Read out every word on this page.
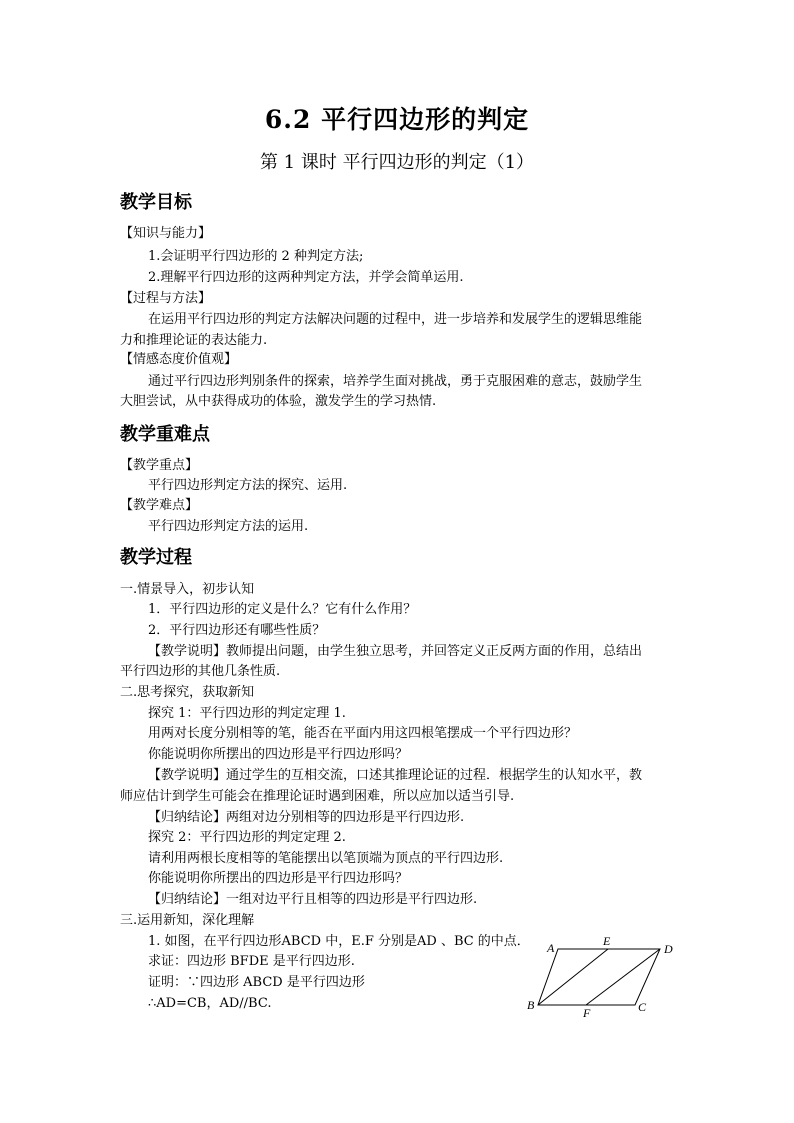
6.2 平行四边形的判定
第 1 课时 平行四边形的判定（1）
教学目标
【知识与能力】
1.会证明平行四边形的 2 种判定方法;
2.理解平行四边形的这两种判定方法，并学会简单运用.
【过程与方法】
在运用平行四边形的判定方法解决问题的过程中，进一步培养和发展学生的逻辑思维能
力和推理论证的表达能力.
【情感态度价值观】
通过平行四边形判别条件的探索，培养学生面对挑战，勇于克服困难的意志，鼓励学生
大胆尝试，从中获得成功的体验，激发学生的学习热情.
教学重难点
【教学重点】
平行四边形判定方法的探究、运用.
【教学难点】
平行四边形判定方法的运用.
教学过程
一.情景导入，初步认知
1．平行四边形的定义是什么？它有什么作用？
2．平行四边形还有哪些性质？
【教学说明】教师提出问题，由学生独立思考，并回答定义正反两方面的作用，总结出
平行四边形的其他几条性质.
二.思考探究，获取新知
探究 1：平行四边形的判定定理 1.
用两对长度分别相等的笔，能否在平面内用这四根笔摆成一个平行四边形？
你能说明你所摆出的四边形是平行四边形吗？
【教学说明】通过学生的互相交流，口述其推理论证的过程．根据学生的认知水平，教
师应估计到学生可能会在推理论证时遇到困难，所以应加以适当引导.
【归纳结论】两组对边分别相等的四边形是平行四边形.
探究 2：平行四边形的判定定理 2.
请利用两根长度相等的笔能摆出以笔顶端为顶点的平行四边形.
你能说明你所摆出的四边形是平行四边形吗？
【归纳结论】一组对边平行且相等的四边形是平行四边形.
三.运用新知，深化理解
1. 如图，在平行四边形ABCD 中，E.F 分别是AD 、BC 的中点．
求证：四边形 BFDE 是平行四边形.
证明：∵四边形 ABCD 是平行四边形
∴AD=CB，AD//BC.
A	E
D
B
F	C
